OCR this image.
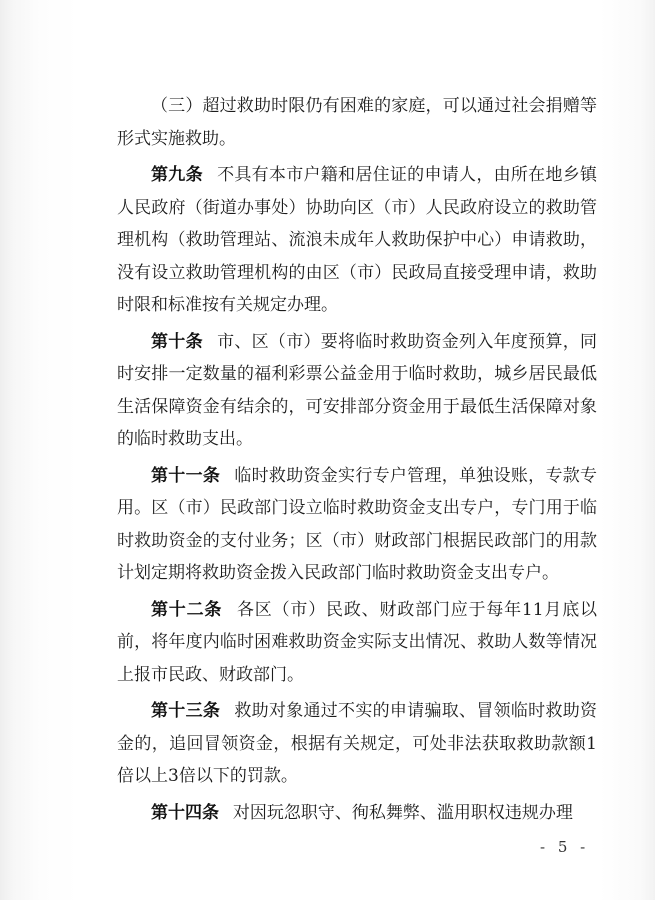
（三）超过救助时限仍有困难的家庭，可以通过社会捐赠等形式实施救助。

第九条  不具有本市户籍和居住证的申请人，由所在地乡镇人民政府（街道办事处）协助向区（市）人民政府设立的救助管理机构（救助管理站、流浪未成年人救助保护中心）申请救助，没有设立救助管理机构的由区（市）民政局直接受理申请，救助时限和标准按有关规定办理。

第十条  市、区（市）要将临时救助资金列入年度预算，同时安排一定数量的福利彩票公益金用于临时救助，城乡居民最低生活保障资金有结余的，可安排部分资金用于最低生活保障对象的临时救助支出。

第十一条  临时救助资金实行专户管理，单独设账，专款专用。区（市）民政部门设立临时救助资金支出专户，专门用于临时救助资金的支付业务；区（市）财政部门根据民政部门的用款计划定期将救助资金拨入民政部门临时救助资金支出专户。

第十二条  各区（市）民政、财政部门应于每年11月底以前，将年度内临时困难救助资金实际支出情况、救助人数等情况上报市民政、财政部门。

第十三条  救助对象通过不实的申请骗取、冒领临时救助资金的，追回冒领资金，根据有关规定，可处非法获取救助款额1倍以上3倍以下的罚款。

第十四条  对因玩忽职守、徇私舞弊、滥用职权违规办理

- 5 -
